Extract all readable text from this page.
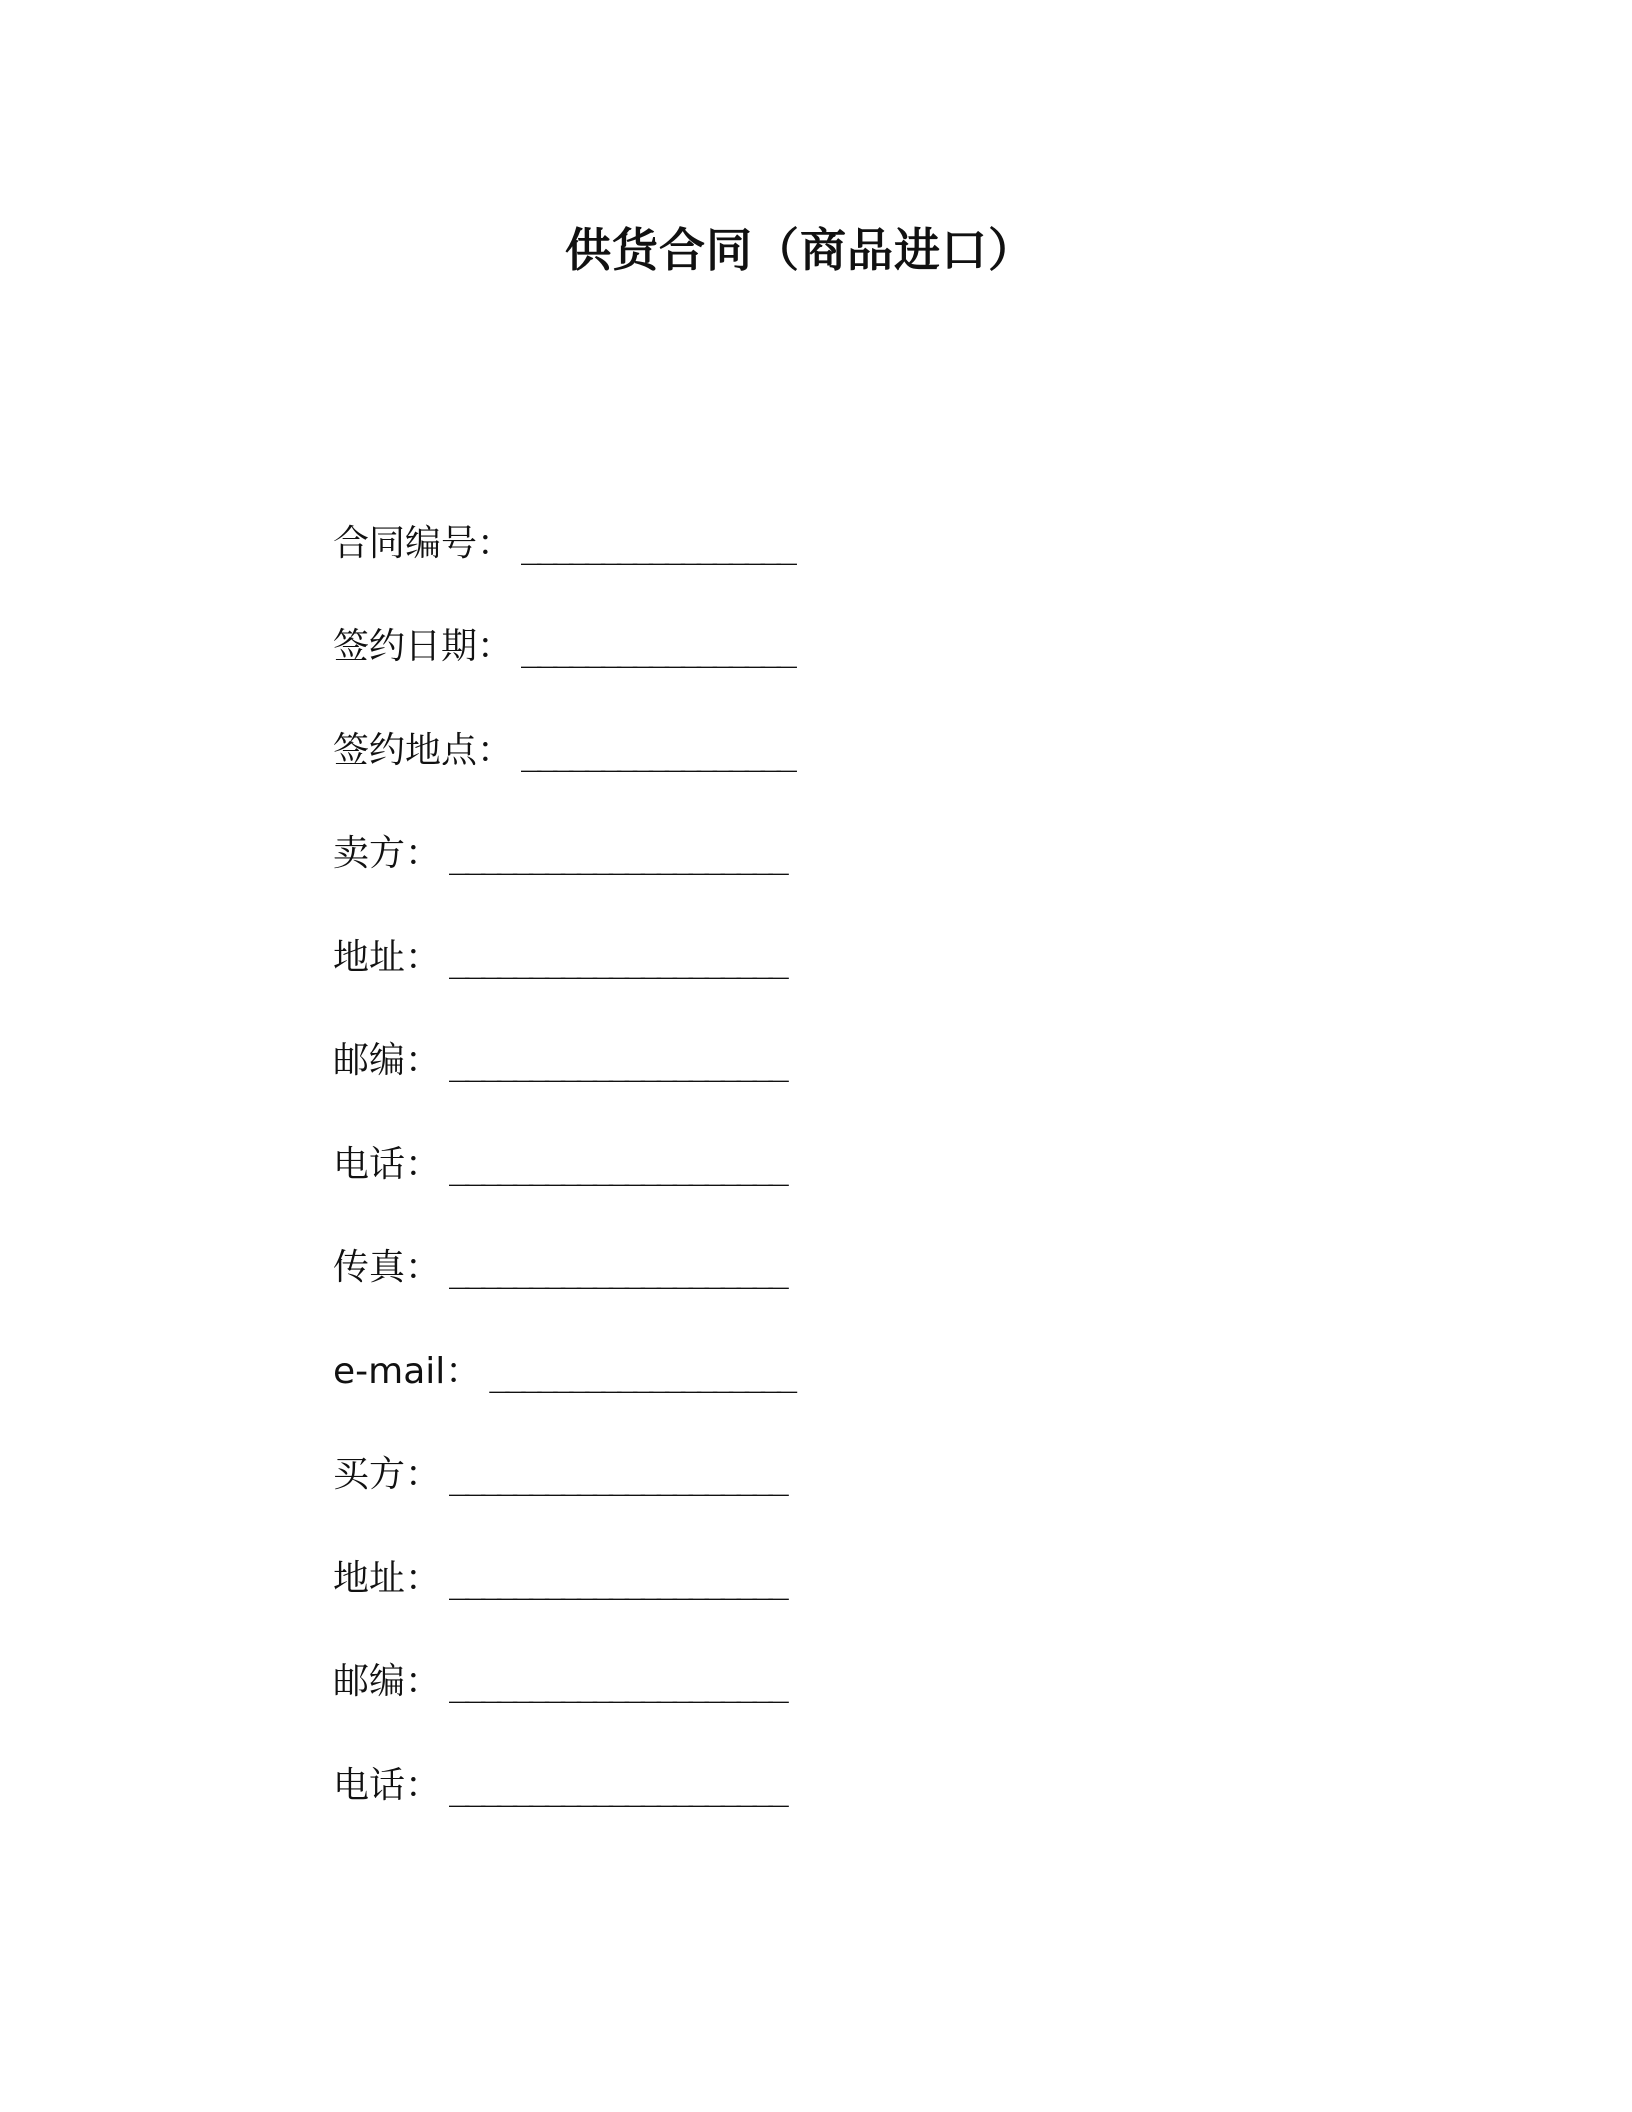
供货合同（商品进口）
合同编号： _________________
签约日期： _________________
签约地点： _________________
卖方： _____________________
地址： _____________________
邮编： _____________________
电话： _____________________
传真： _____________________
e-mail： ___________________
买方： _____________________
地址： _____________________
邮编： _____________________
电话： _____________________
